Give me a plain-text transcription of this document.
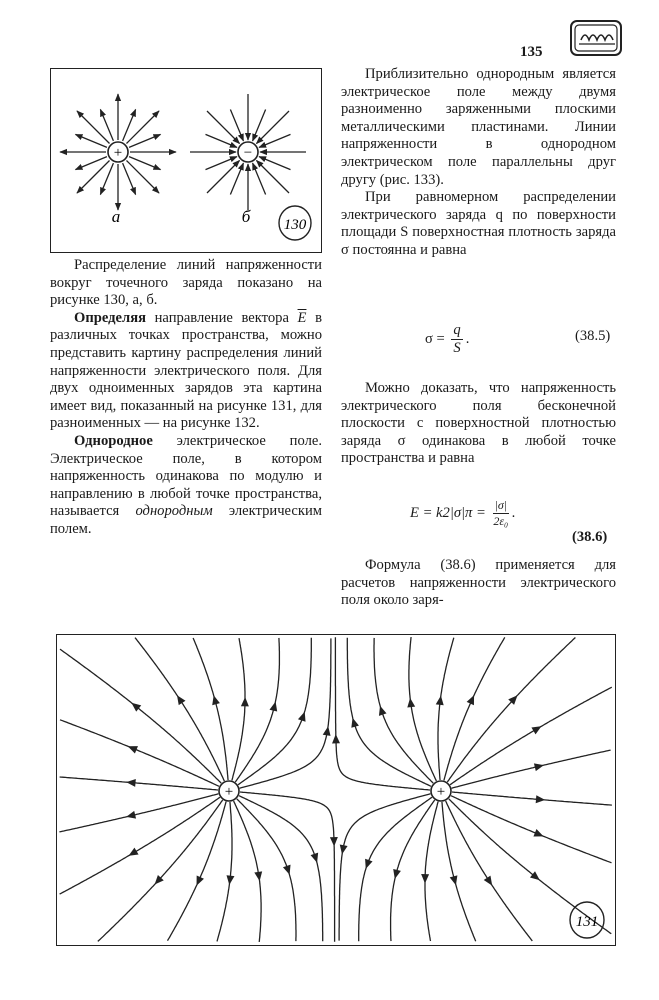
135
+	−
а	б 130

Распределение линий напряженности вокруг точечного заряда показано на рисунке 130, а, б.

Определяя направление вектора $\overline{E}$ в различных точках пространства, можно представить картину распределения линий напряженности электрического поля. Для двух одноименных зарядов эта картина имеет вид, показанный на рисунке 131, для разноименных — на рисунке 132.

Однородное электрическое поле. Электрическое поле, в котором напряженность одинакова по модулю и направлению в любой точке пространства, называется однородным электрическим полем.

Приблизительно однородным является электрическое поле между двумя разноименно заряженными плоскими металлическими пластинами. Линии напряженности в однородном электрическом поле параллельны друг другу (рис. 133).

При равномерном распределении электрического заряда q по поверхности площади S поверхностная плотность заряда σ постоянна и равна

$\sigma = \frac{q}{S}$ .	(38.5)

Можно доказать, что напряженность электрического поля бесконечной плоскости с поверхностной плотностью заряда σ одинакова в любой точке пространства и равна

$E = k2|\sigma|\pi = \frac{|\sigma|}{\text{2ε₀}}$ .
(38.6)

Формула (38.6) применяется для расчетов напряженности электрического поля около заря-

+	+
131
